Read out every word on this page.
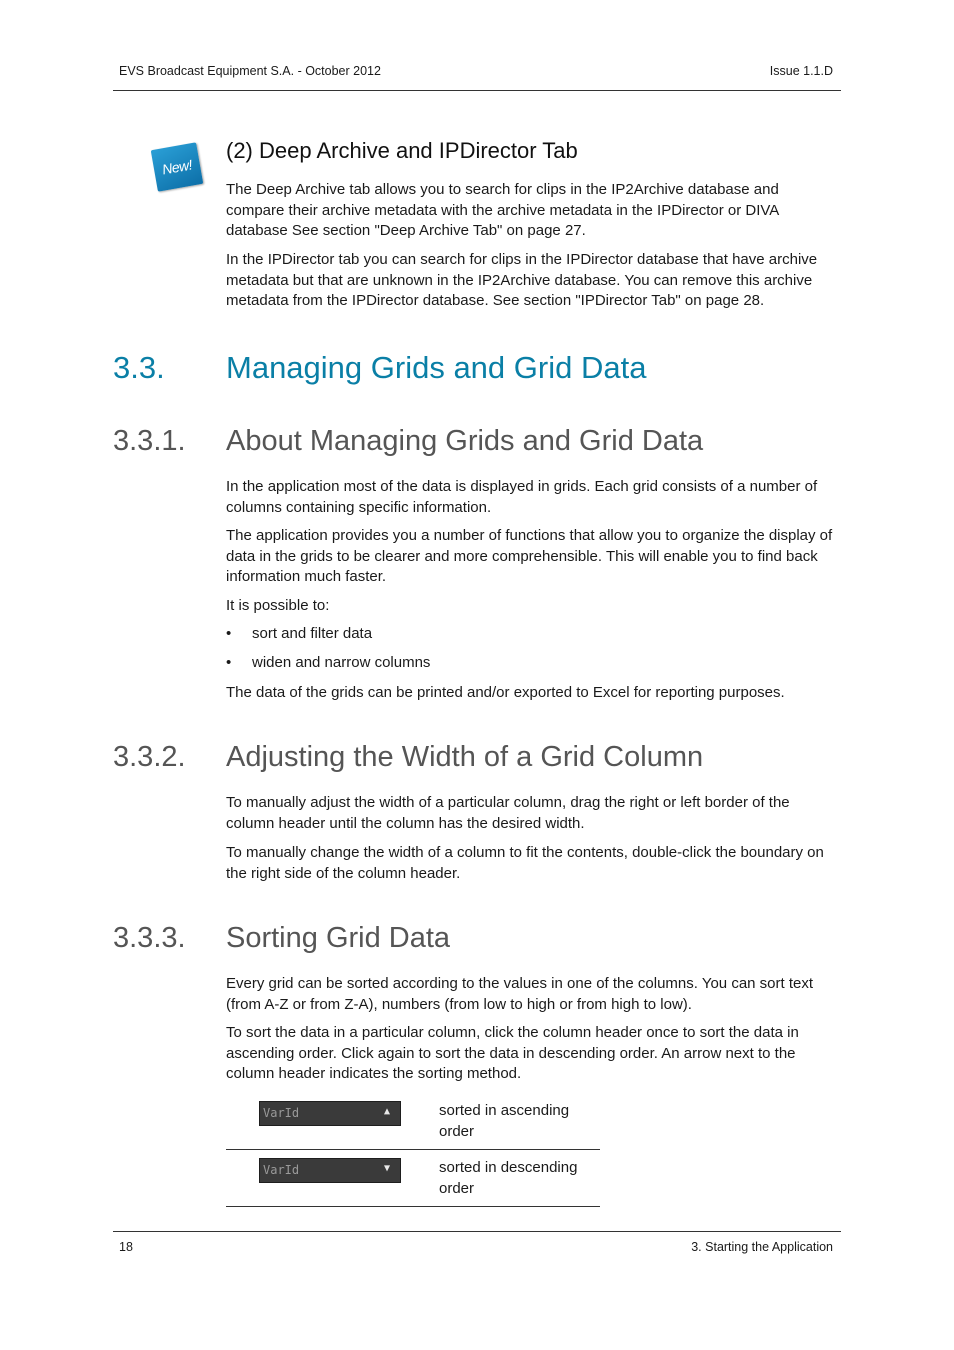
EVS Broadcast Equipment S.A. - October 2012	Issue 1.1.D
New!
(2) Deep Archive and IPDirector Tab
The Deep Archive tab allows you to search for clips in the IP2Archive database and compare their archive metadata with the archive metadata in the IPDirector or DIVA database See section "Deep Archive Tab" on page 27.
In the IPDirector tab you can search for clips in the IPDirector database that have archive metadata but that are unknown in the IP2Archive database. You can remove this archive metadata from the IPDirector database. See section "IPDirector Tab" on page 28.
3.3. Managing Grids and Grid Data
3.3.1. About Managing Grids and Grid Data
In the application most of the data is displayed in grids. Each grid consists of a number of columns containing specific information.
The application provides you a number of functions that allow you to organize the display of data in the grids to be clearer and more comprehensible. This will enable you to find back information much faster.
It is possible to:
• sort and filter data
• widen and narrow columns
The data of the grids can be printed and/or exported to Excel for reporting purposes.
3.3.2. Adjusting the Width of a Grid Column
To manually adjust the width of a particular column, drag the right or left border of the column header until the column has the desired width.
To manually change the width of a column to fit the contents, double-click the boundary on the right side of the column header.
3.3.3. Sorting Grid Data
Every grid can be sorted according to the values in one of the columns. You can sort text (from A-Z or from Z-A), numbers (from low to high or from high to low).
To sort the data in a particular column, click the column header once to sort the data in ascending order. Click again to sort the data in descending order. An arrow next to the column header indicates the sorting method.
VarId	▲	sorted in ascending order
VarId	▼	sorted in descending order
18	3. Starting the Application
